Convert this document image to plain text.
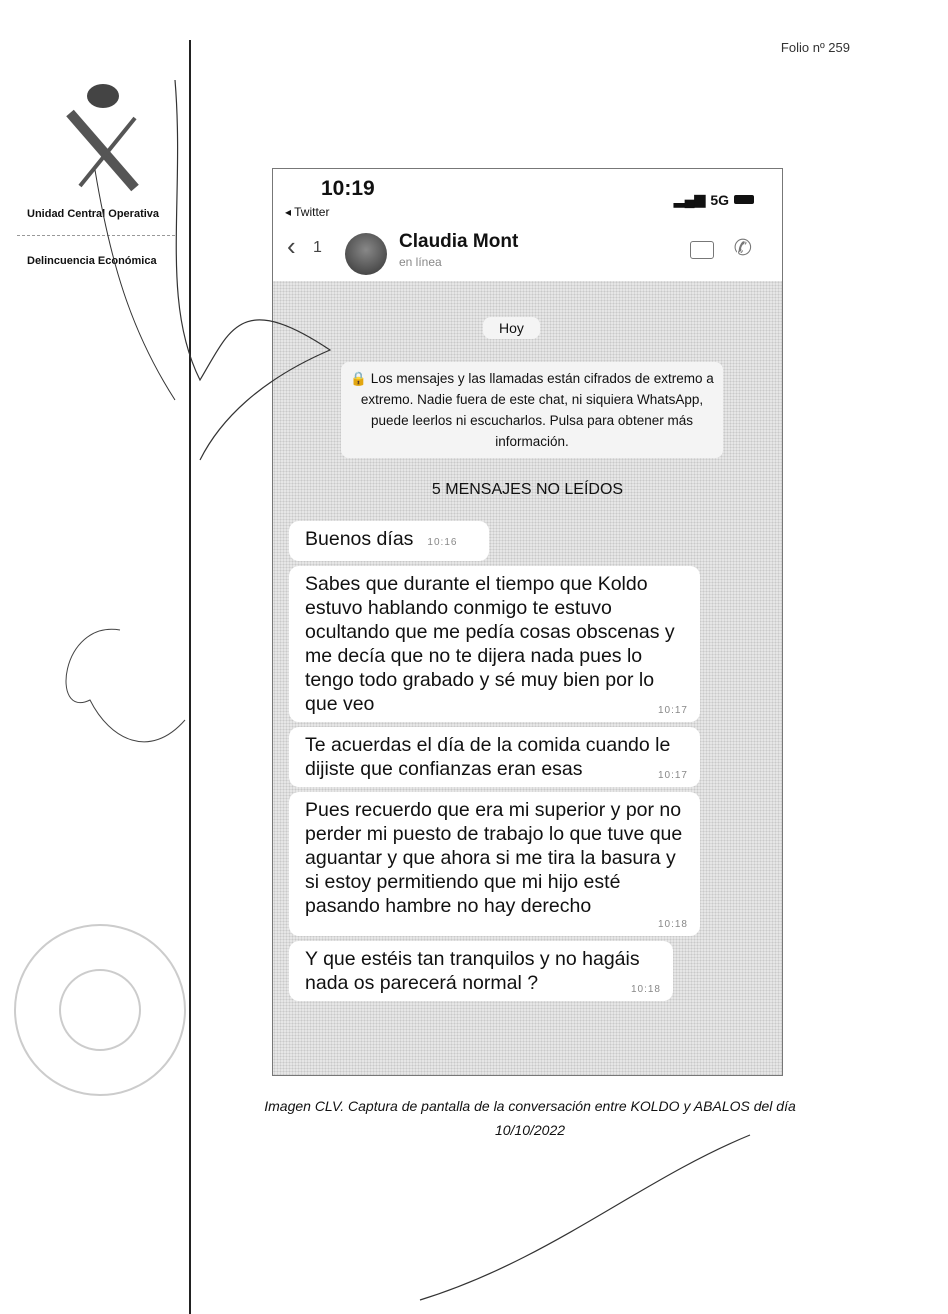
Folio nº 259
Unidad Central Operativa
Delincuencia Económica
10:19
◂ Twitter
▂▄▆ 5G
‹ 1	Claudia Mont
en línea
✆
Hoy
🔒 Los mensajes y las llamadas están cifrados de extremo a extremo. Nadie fuera de este chat, ni siquiera WhatsApp, puede leerlos ni escucharlos. Pulsa para obtener más información.
5 MENSAJES NO LEÍDOS
Buenos días 10:16
Sabes que durante el tiempo que Koldo estuvo hablando conmigo te estuvo ocultando que me pedía cosas obscenas y me decía que no te dijera nada pues lo tengo todo grabado y sé muy bien por lo que veo	10:17
Te acuerdas el día de la comida cuando le dijiste que confianzas eran esas	10:17
Pues recuerdo que era mi superior y por no perder mi puesto de trabajo lo que tuve que aguantar y que ahora si me tira la basura y si estoy permitiendo que mi hijo esté pasando hambre no hay derecho
10:18
Y que estéis tan tranquilos y no hagáis nada os parecerá normal ?	10:18
Imagen CLV. Captura de pantalla de la conversación entre KOLDO y ABALOS del día
10/10/2022
